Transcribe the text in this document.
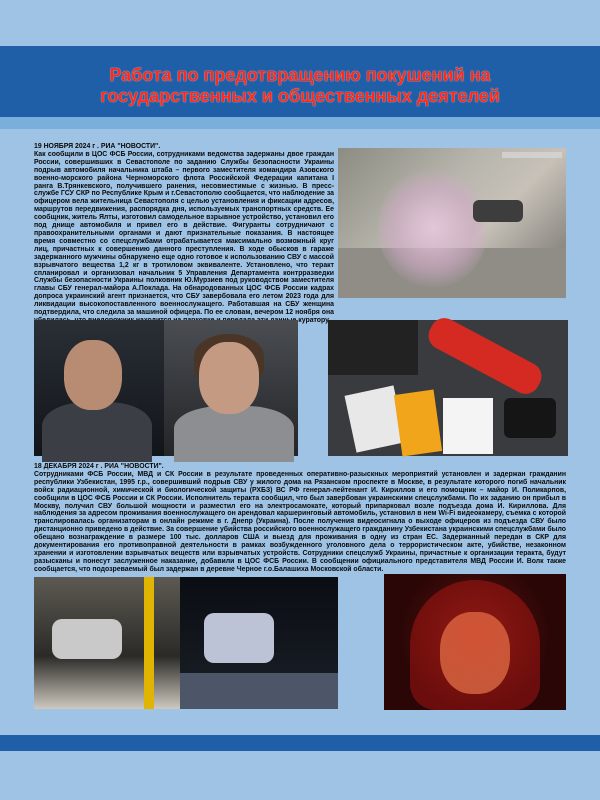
Работа по предотвращению покушений на
государственных и общественных деятелей
19 НОЯБРЯ 2024 г . РИА "НОВОСТИ".
Как сообщили в ЦОС ФСБ России, сотрудниками ведомства задержаны двое граждан России, совершивших в Севастополе по заданию Службы безопасности Украины подрыв автомобиля начальника штаба – первого заместителя командира Азовского военно-морского района Черноморского флота Российской Федерации капитана I ранга В.Трянкевского, получившего ранения, несовместимые с жизнью. В пресс-службе ГСУ СКР по Республике Крым и г.Севастополю сообщается, что наблюдение за офицером вела жительница Севастополя с целью установления и фиксации адресов, маршрутов передвижения, распорядка дня, используемых транспортных средств. Ее сообщник, житель Ялты, изготовил самодельное взрывное устройство, установил его под днище автомобиля и привел его в действие. Фигуранты сотрудничают с правоохранительными органами и дают признательные показания. В настоящее время совместно со спецслужбами отрабатывается максимально возможный круг лиц, причастных к совершению данного преступления. В ходе обысков в гараже задержанного мужчины обнаружено еще одно готовое к использованию СВУ с массой взрывчатого вещества 1,2 кг в тротиловом эквиваленте. Установлено, что теракт спланировал и организовал начальник 5 Управления Департамента контрразведки Службы безопасности Украины полковник Ю.Мурзиев под руководством заместителя главы СБУ генерал-майора А.Поклада. На обнародованных ЦОС ФСБ России кадрах допроса украинский агент признается, что СБУ завербовала его летом 2023 года для ликвидации высокопоставленного военнослужащего. Работавшая на СБУ женщина подтвердила, что следила за машиной офицера. По ее словам, вечером 12 ноября она куратору.
18 ДЕКАБРЯ 2024 г . РИА "НОВОСТИ".
Сотрудниками ФСБ России, МВД и СК России в результате проведенных оперативно-разыскных мероприятий установлен и задержан гражданин республики Узбекистан, 1995 г.р., совершивший подрыв СВУ у жилого дома на Рязанском проспекте в Москве, в результате которого погиб начальник войск радиационной, химической и биологической защиты (РХБЗ) ВС РФ генерал-лейтенант И. Кириллов и его помощник – майор И. Поликарпов, сообщили в ЦОС ФСБ России и СК России. Исполнитель теракта сообщил, что был завербован украинскими спецслужбами. По их заданию он прибыл в Москву, получил СВУ большой мощности и разместил его на электросамокате, который припарковал возле подъезда дома И. Кириллова. Для наблюдения за адресом проживания военнослужащего он арендовал каршеринговый автомобиль, установил в нем Wi-Fi видеокамеру, съемка с которой транслировалась организаторам в онлайн режиме в г. Днепр (Украина). После получения видеосигнала о выходе офицеров из подъезда СВУ было дистанционно приведено в действие. За совершение убийства российского военнослужащего гражданину Узбекистана украинскими спецслужбами было обещано вознаграждение в размере 100 тыс. долларов США и выезд для проживания в одну из стран ЕС. Задержанный передан в СКР для документирования его противоправной деятельности в рамках возбужденного уголовного дела о террористическом акте, убийстве, незаконном хранении и изготовлении взрывчатых веществ или взрывчатых устройств. Сотрудники спецслужб Украины, причастные к организации теракта, будут разысканы и понесут заслуженное наказание, добавили в ЦОС ФСБ России. В сообщении официального представителя МВД России И. Волк также сообщается, что подозреваемый был задержан в деревне Черное г.о.Балашиха Московской области.
